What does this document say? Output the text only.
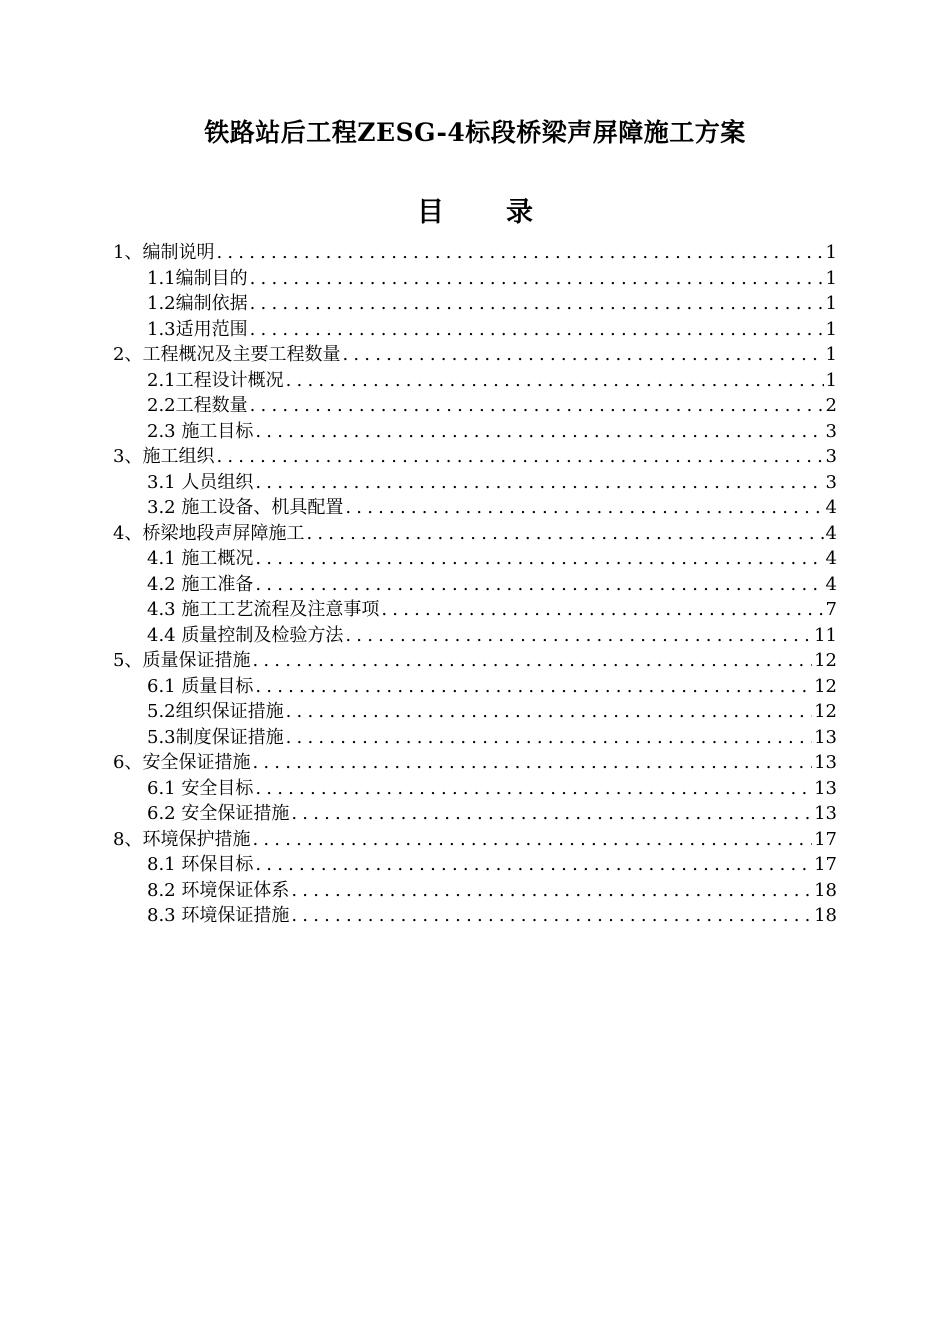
铁路站后工程ZESG-4标段桥梁声屏障施工方案
目 录
1、编制说明 .....	1
1.1编制目的 .....	1
1.2编制依据 .....	1
1.3适用范围 .....	1
2、工程概况及主要工程数量 .....	1
2.1工程设计概况 .....	1
2.2工程数量 .....	2
2.3 施工目标 .....	3
3、施工组织 .....	3
3.1 人员组织 .....	3
3.2 施工设备、机具配置 .....	4
4、桥梁地段声屏障施工 .....	4
4.1 施工概况 .....	4
4.2 施工准备 .....	4
4.3 施工工艺流程及注意事项 .....	7
4.4 质量控制及检验方法 .....	11
5、质量保证措施 .....	12
6.1 质量目标 .....	12
5.2组织保证措施 .....	12
5.3制度保证措施 .....	13
6、安全保证措施 .....	13
6.1 安全目标 .....	13
6.2 安全保证措施 .....	13
8、环境保护措施 .....	17
8.1 环保目标 .....	17
8.2 环境保证体系 .....	18
8.3 环境保证措施 .....	18
